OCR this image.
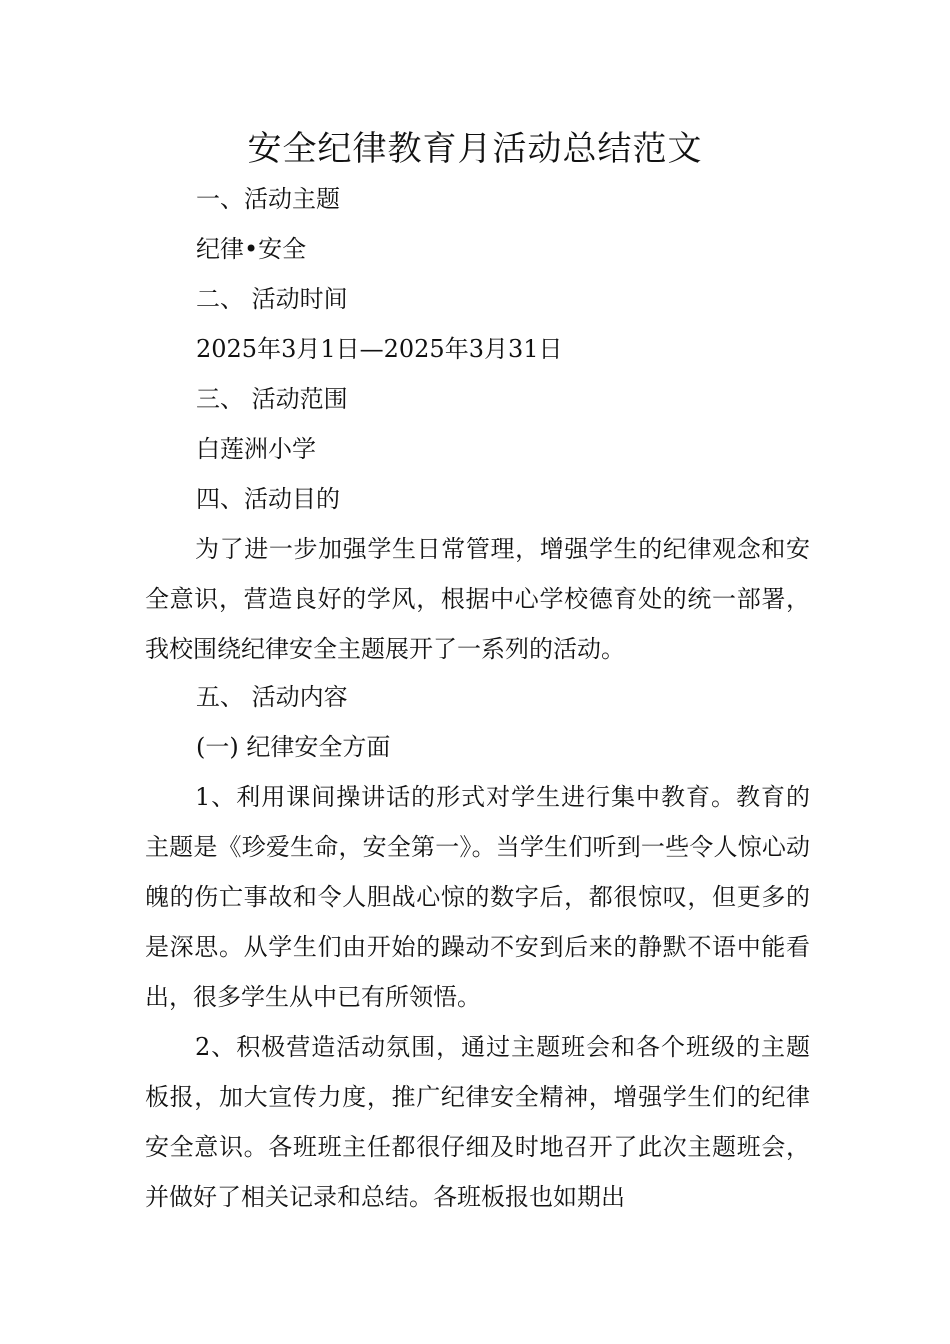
安全纪律教育月活动总结范文
一、活动主题
纪律•安全
二、 活动时间
2025年3月1日—2025年3月31日
三、 活动范围
白莲洲小学
四、活动目的
为了进一步加强学生日常管理，增强学生的纪律观念和安全意识，营造良好的学风，根据中心学校德育处的统一部署，我校围绕纪律安全主题展开了一系列的活动。
五、 活动内容
(一) 纪律安全方面
1、利用课间操讲话的形式对学生进行集中教育。教育的主题是《珍爱生命，安全第一》。当学生们听到一些令人惊心动魄的伤亡事故和令人胆战心惊的数字后，都很惊叹，但更多的是深思。从学生们由开始的躁动不安到后来的静默不语中能看出，很多学生从中已有所领悟。
2、积极营造活动氛围，通过主题班会和各个班级的主题板报，加大宣传力度，推广纪律安全精神，增强学生们的纪律安全意识。各班班主任都很仔细及时地召开了此次主题班会，并做好了相关记录和总结。各班板报也如期出
